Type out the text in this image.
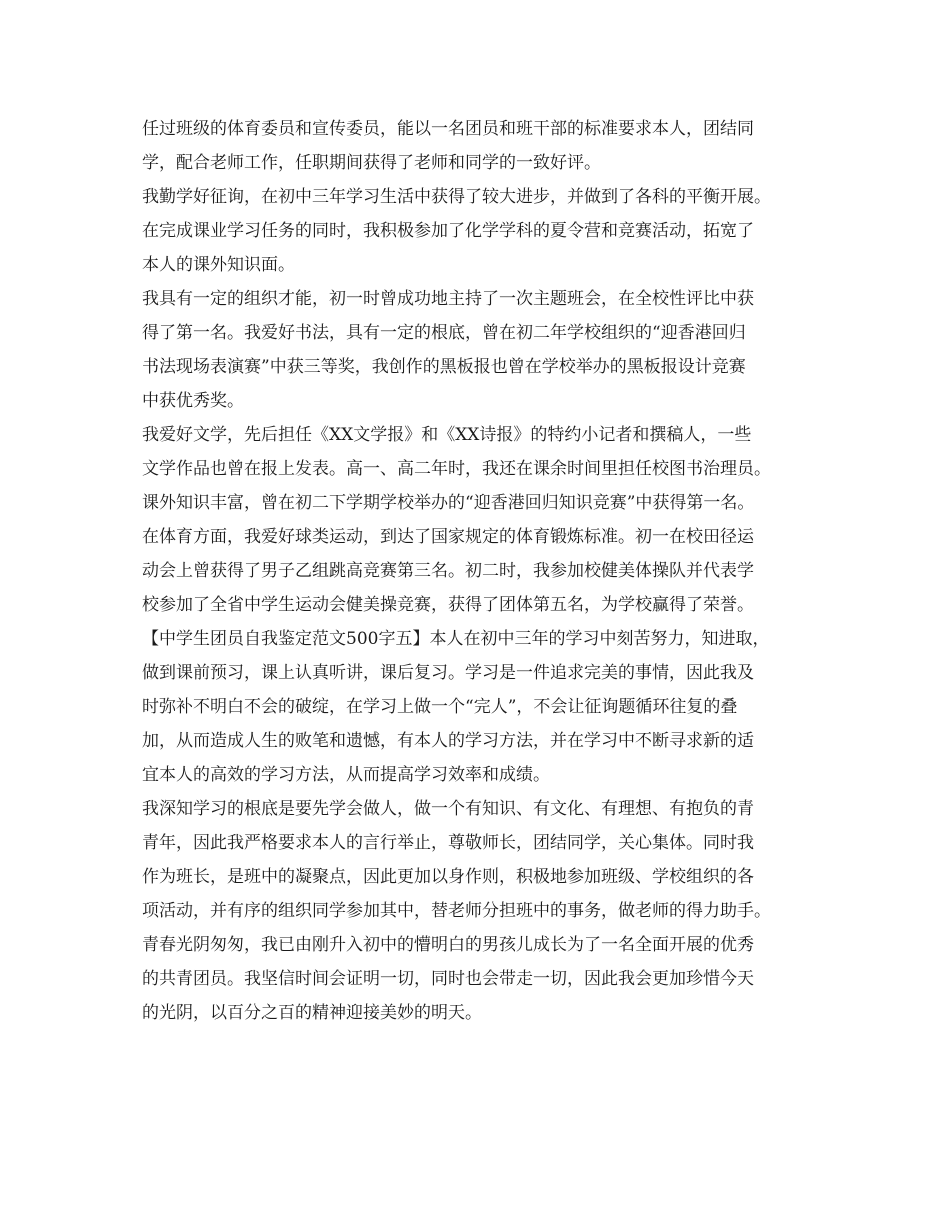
任过班级的体育委员和宣传委员，能以一名团员和班干部的标准要求本人，团结同

学，配合老师工作，任职期间获得了老师和同学的一致好评。

我勤学好征询，在初中三年学习生活中获得了较大进步，并做到了各科的平衡开展。

在完成课业学习任务的同时，我积极参加了化学学科的夏令营和竞赛活动，拓宽了

本人的课外知识面。

我具有一定的组织才能，初一时曾成功地主持了一次主题班会，在全校性评比中获

得了第一名。我爱好书法，具有一定的根底，曾在初二年学校组织的“迎香港回归

书法现场表演赛”中获三等奖，我创作的黑板报也曾在学校举办的黑板报设计竞赛

中获优秀奖。

我爱好文学，先后担任《XX文学报》和《XX诗报》的特约小记者和撰稿人，一些

文学作品也曾在报上发表。高一、高二年时，我还在课余时间里担任校图书治理员。

课外知识丰富，曾在初二下学期学校举办的“迎香港回归知识竞赛”中获得第一名。

在体育方面，我爱好球类运动，到达了国家规定的体育锻炼标准。初一在校田径运

动会上曾获得了男子乙组跳高竞赛第三名。初二时，我参加校健美体操队并代表学

校参加了全省中学生运动会健美操竞赛，获得了团体第五名，为学校赢得了荣誉。

【中学生团员自我鉴定范文500字五】本人在初中三年的学习中刻苦努力，知进取，

做到课前预习，课上认真听讲，课后复习。学习是一件追求完美的事情，因此我及

时弥补不明白不会的破绽，在学习上做一个“完人”，不会让征询题循环往复的叠

加，从而造成人生的败笔和遗憾，有本人的学习方法，并在学习中不断寻求新的适

宜本人的高效的学习方法，从而提高学习效率和成绩。

我深知学习的根底是要先学会做人，做一个有知识、有文化、有理想、有抱负的青

青年，因此我严格要求本人的言行举止，尊敬师长，团结同学，关心集体。同时我

作为班长，是班中的凝聚点，因此更加以身作则，积极地参加班级、学校组织的各

项活动，并有序的组织同学参加其中，替老师分担班中的事务，做老师的得力助手。

青春光阴匆匆，我已由刚升入初中的懵明白的男孩儿成长为了一名全面开展的优秀

的共青团员。我坚信时间会证明一切，同时也会带走一切，因此我会更加珍惜今天

的光阴，以百分之百的精神迎接美妙的明天。
